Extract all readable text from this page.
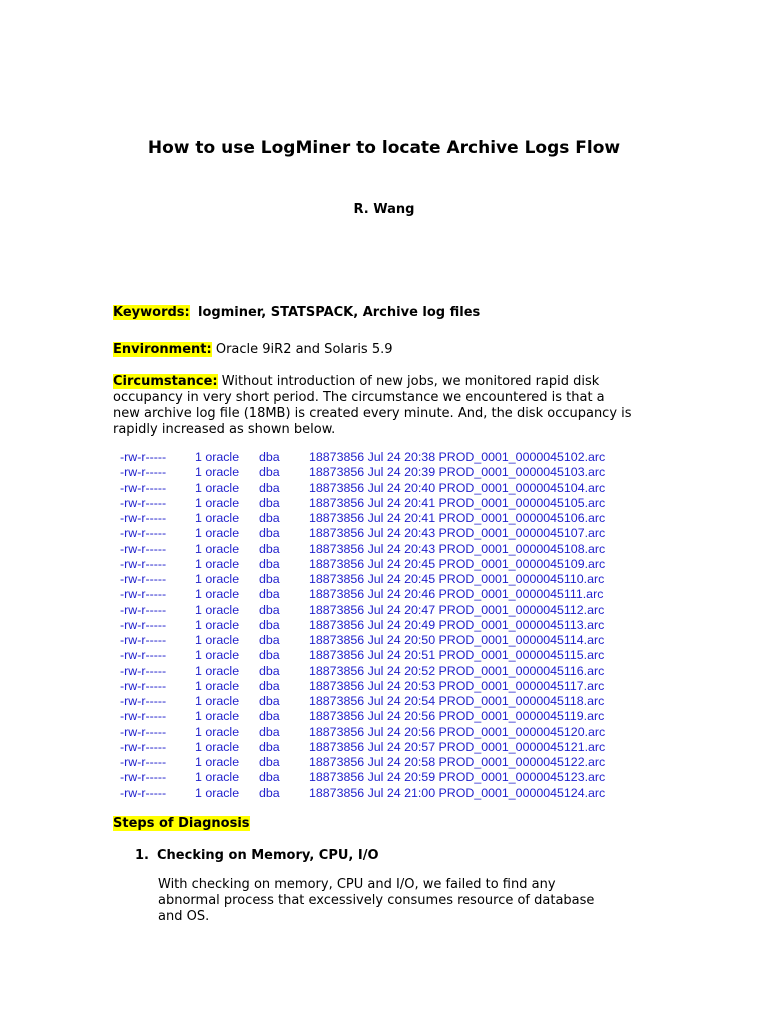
How to use LogMiner to locate Archive Logs Flow
R. Wang
Keywords: logminer, STATSPACK, Archive log files
Environment: Oracle 9iR2 and Solaris 5.9
Circumstance: Without introduction of new jobs, we monitored rapid disk occupancy in very short period. The circumstance we encountered is that a new archive log file (18MB) is created every minute. And, the disk occupancy is rapidly increased as shown below.
-rw-r----- 1 oracle dba 18873856 Jul 24 20:38 PROD_0001_0000045102.arc
-rw-r----- 1 oracle dba 18873856 Jul 24 20:39 PROD_0001_0000045103.arc
-rw-r----- 1 oracle dba 18873856 Jul 24 20:40 PROD_0001_0000045104.arc
-rw-r----- 1 oracle dba 18873856 Jul 24 20:41 PROD_0001_0000045105.arc
-rw-r----- 1 oracle dba 18873856 Jul 24 20:41 PROD_0001_0000045106.arc
-rw-r----- 1 oracle dba 18873856 Jul 24 20:43 PROD_0001_0000045107.arc
-rw-r----- 1 oracle dba 18873856 Jul 24 20:43 PROD_0001_0000045108.arc
-rw-r----- 1 oracle dba 18873856 Jul 24 20:45 PROD_0001_0000045109.arc
-rw-r----- 1 oracle dba 18873856 Jul 24 20:45 PROD_0001_0000045110.arc
-rw-r----- 1 oracle dba 18873856 Jul 24 20:46 PROD_0001_0000045111.arc
-rw-r----- 1 oracle dba 18873856 Jul 24 20:47 PROD_0001_0000045112.arc
-rw-r----- 1 oracle dba 18873856 Jul 24 20:49 PROD_0001_0000045113.arc
-rw-r----- 1 oracle dba 18873856 Jul 24 20:50 PROD_0001_0000045114.arc
-rw-r----- 1 oracle dba 18873856 Jul 24 20:51 PROD_0001_0000045115.arc
-rw-r----- 1 oracle dba 18873856 Jul 24 20:52 PROD_0001_0000045116.arc
-rw-r----- 1 oracle dba 18873856 Jul 24 20:53 PROD_0001_0000045117.arc
-rw-r----- 1 oracle dba 18873856 Jul 24 20:54 PROD_0001_0000045118.arc
-rw-r----- 1 oracle dba 18873856 Jul 24 20:56 PROD_0001_0000045119.arc
-rw-r----- 1 oracle dba 18873856 Jul 24 20:56 PROD_0001_0000045120.arc
-rw-r----- 1 oracle dba 18873856 Jul 24 20:57 PROD_0001_0000045121.arc
-rw-r----- 1 oracle dba 18873856 Jul 24 20:58 PROD_0001_0000045122.arc
-rw-r----- 1 oracle dba 18873856 Jul 24 20:59 PROD_0001_0000045123.arc
-rw-r----- 1 oracle dba 18873856 Jul 24 21:00 PROD_0001_0000045124.arc
Steps of Diagnosis
1. Checking on Memory, CPU, I/O
With checking on memory, CPU and I/O, we failed to find any abnormal process that excessively consumes resource of database and OS.
